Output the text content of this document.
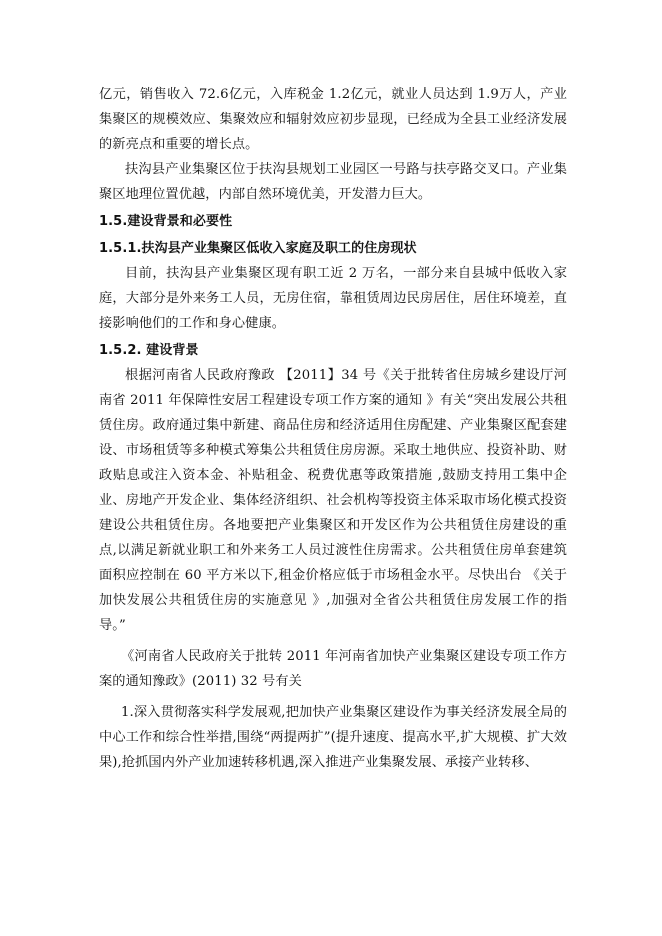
亿元，销售收入 72.6亿元，入库税金 1.2亿元，就业人员达到 1.9万人，产业集聚区的规模效应、集聚效应和辐射效应初步显现，已经成为全县工业经济发展的新亮点和重要的增长点。

扶沟县产业集聚区位于扶沟县规划工业园区一号路与扶亭路交叉口。产业集聚区地理位置优越，内部自然环境优美，开发潜力巨大。

1.5.建设背景和必要性

1.5.1.扶沟县产业集聚区低收入家庭及职工的住房现状

目前，扶沟县产业集聚区现有职工近 2 万名，一部分来自县城中低收入家庭，大部分是外来务工人员，无房住宿，靠租赁周边民房居住，居住环境差，直接影响他们的工作和身心健康。

1.5.2. 建设背景

根据河南省人民政府豫政 【2011】34 号《关于批转省住房城乡建设厅河南省 2011 年保障性安居工程建设专项工作方案的通知 》有关“突出发展公共租赁住房。政府通过集中新建、商品住房和经济适用住房配建、产业集聚区配套建设、市场租赁等多种模式筹集公共租赁住房房源。采取土地供应、投资补助、财政贴息或注入资本金、补贴租金、税费优惠等政策措施 ,鼓励支持用工集中企业、房地产开发企业、集体经济组织、社会机构等投资主体采取市场化模式投资建设公共租赁住房。各地要把产业集聚区和开发区作为公共租赁住房建设的重点,以满足新就业职工和外来务工人员过渡性住房需求。公共租赁住房单套建筑面积应控制在 60 平方米以下,租金价格应低于市场租金水平。尽快出台 《关于加快发展公共租赁住房的实施意见 》,加强对全省公共租赁住房发展工作的指导。”

《河南省人民政府关于批转 2011 年河南省加快产业集聚区建设专项工作方案的通知豫政》(2011) 32 号有关

1.深入贯彻落实科学发展观,把加快产业集聚区建设作为事关经济发展全局的中心工作和综合性举措,围绕“两提两扩”(提升速度、提高水平,扩大规模、扩大效果),抢抓国内外产业加速转移机遇,深入推进产业集聚发展、承接产业转移、
